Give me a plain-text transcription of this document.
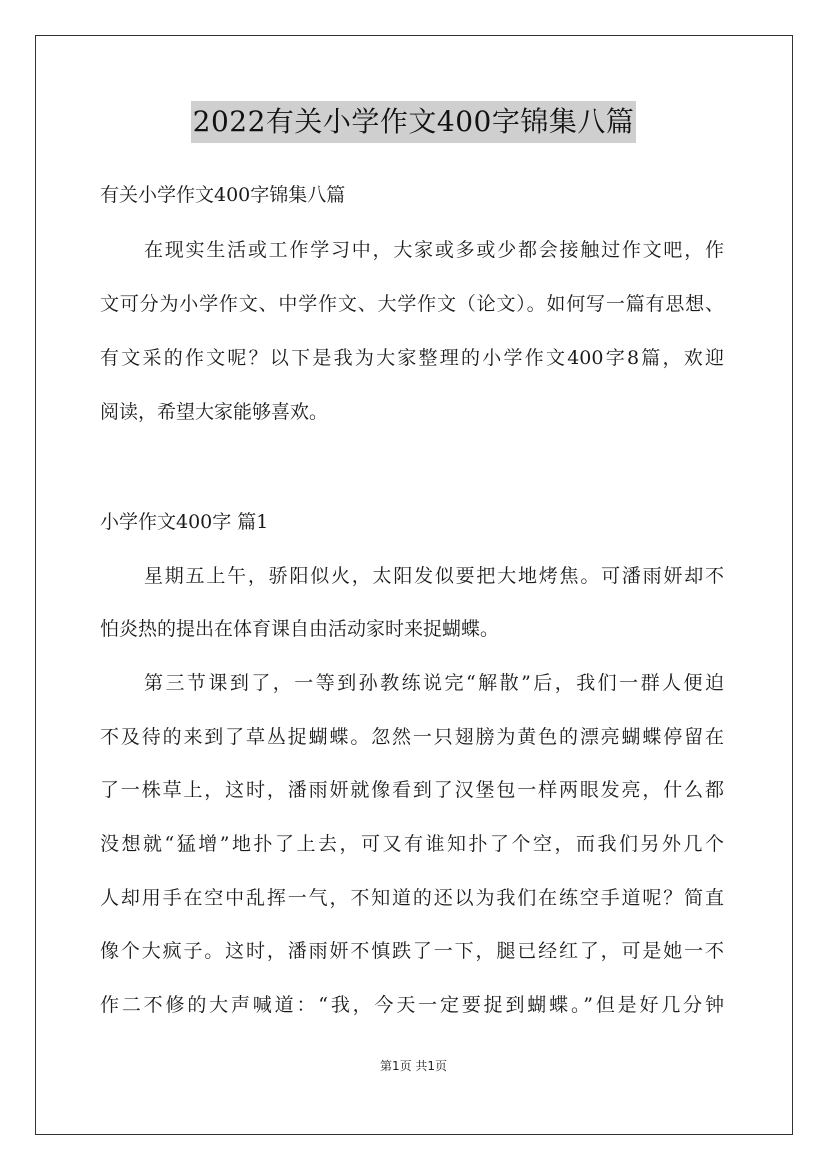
2022有关小学作文400字锦集八篇
有关小学作文400字锦集八篇
在现实生活或工作学习中，大家或多或少都会接触过作文吧，作
文可分为小学作文、中学作文、大学作文（论文）。如何写一篇有思想、
有文采的作文呢？以下是我为大家整理的小学作文400字8篇，欢迎
阅读，希望大家能够喜欢。
小学作文400字 篇1
星期五上午，骄阳似火，太阳发似要把大地烤焦。可潘雨妍却不
怕炎热的提出在体育课自由活动家时来捉蝴蝶。
第三节课到了，一等到孙教练说完“解散”后，我们一群人便迫
不及待的来到了草丛捉蝴蝶。忽然一只翅膀为黄色的漂亮蝴蝶停留在
了一株草上，这时，潘雨妍就像看到了汉堡包一样两眼发亮，什么都
没想就“猛增”地扑了上去，可又有谁知扑了个空，而我们另外几个
人却用手在空中乱挥一气，不知道的还以为我们在练空手道呢？简直
像个大疯子。这时，潘雨妍不慎跌了一下，腿已经红了，可是她一不
作二不修的大声喊道：“我，今天一定要捉到蝴蝶。”但是好几分钟
第1页 共1页
